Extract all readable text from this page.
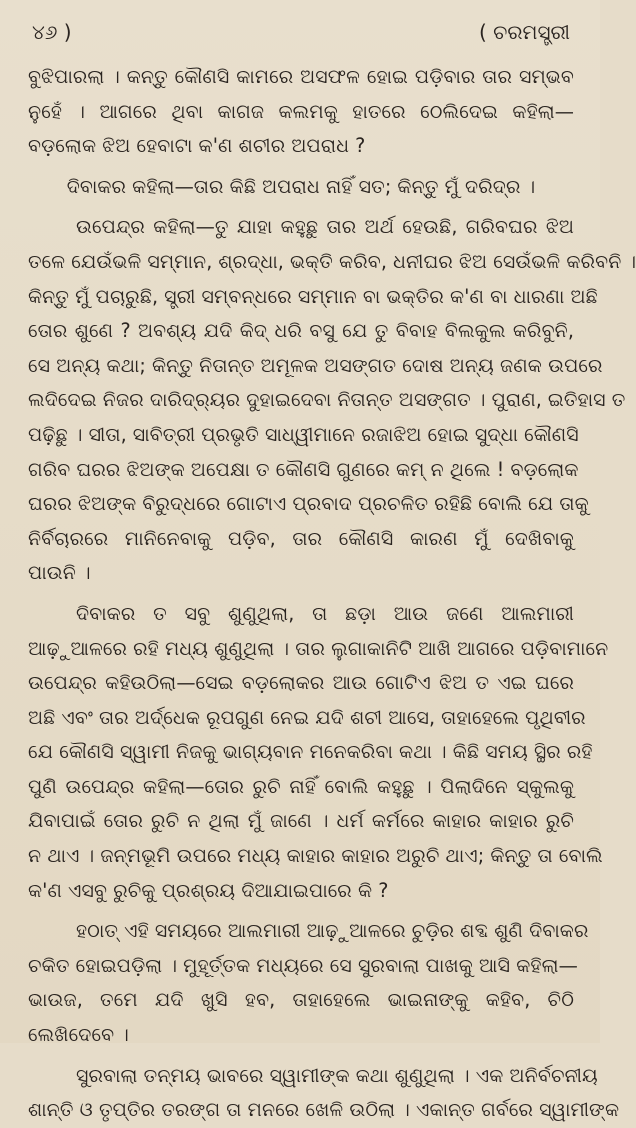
୪୬ )	( ଚରମସ୍ତ୍ରୀ
ବୁଝିପାରଲା । କନ୍ତୁ କୌଣସି କାମରେ ଅସଫଳ ହୋଇ ପଡ଼ିବାର ତାର ସମ୍ଭବ
ନୁହେଁ । ଆଗରେ ଥିବା କାଗଜ କଲମକୁ ହାତରେ ଠେଲିଦେଇ କହିଲା—
ବଡ଼ଲୋକ ଝିଅ ହେବାଟା କ'ଣ ଶଚୀର ଅପରାଧ ?
ଦିବାକର କହିଲା—ତାର କିଛି ଅପରାଧ ନାହିଁ ସତ; କିନ୍ତୁ ମୁଁ ଦରିଦ୍ର ।
ଉପେନ୍ଦ୍ର କହିଲା—ତୁ ଯାହା କହୁଛୁ ତାର ଅର୍ଥ ହେଉଛି, ଗରିବଘର ଝିଅ
ତଳେ ଯେଉଁଭଳି ସମ୍ମାନ, ଶ୍ରଦ୍ଧା, ଭକ୍ତି କରିବ, ଧନୀଘର ଝିଅ ସେଉଁଭଳି କରିବନି ।
କିନ୍ତୁ ମୁଁ ପଚାରୁଛି, ସ୍ତ୍ରୀ ସମ୍ବନ୍ଧରେ ସମ୍ମାନ ବା ଭକ୍ତିର କ'ଣ ବା ଧାରଣା ଅଛି
ତୋର ଶୁଣେ ? ଅବଶ୍ୟ ଯଦି କିଦ୍ ଧରି ବସୁ ଯେ ତୁ ବିବାହ ବିଲକୁଲ କରିବୁନି,
ସେ ଅନ୍ୟ କଥା; କିନ୍ତୁ ନିତାନ୍ତ ଅମୂଳକ ଅସଙ୍ଗତ ଦୋଷ ଅନ୍ୟ ଜଣକ ଉପରେ
ଲଦିଦେଇ ନିଜର ଦାରିଦ୍ର୍ୟର ଦୁହାଇଦେବା ନିତାନ୍ତ ଅସଙ୍ଗତ । ପୁରାଣ, ଇତିହାସ ତ
ପଢ଼ିଛୁ । ସୀତା, ସାବିତ୍ରୀ ପ୍ରଭୃତି ସାଧ୍ୱୀମାନେ ରଜାଝିଅ ହୋଇ ସୁଦ୍ଧା କୌଣସି
ଗରିବ ଘରର ଝିଅଙ୍କ ଅପେକ୍ଷା ତ କୌଣସି ଗୁଣରେ କମ୍ ନ ଥିଲେ ! ବଡ଼ଲୋକ
ଘରର ଝିଅଙ୍କ ବିରୁଦ୍ଧରେ ଗୋଟାଏ ପ୍ରବାଦ ପ୍ରଚଳିତ ରହିଛି ବୋଲି ଯେ ତାକୁ
ନିର୍ବିଚାରରେ ମାନିନେବାକୁ ପଡ଼ିବ, ତାର କୌଣସି କାରଣ ମୁଁ ଦେଖିବାକୁ
ପାଉନି ।
ଦିବାକର ତ ସବୁ ଶୁଣୁଥିଲା, ତା ଛଡ଼ା ଆଉ ଜଣେ ଆଲମାରୀ
ଆଢ଼ୁଆଳରେ ରହି ମଧ୍ୟ ଶୁଣୁଥିଲା । ତାର ଲୁଗାକାନିଟି ଆଖି ଆଗରେ ପଡ଼ିବାମାନେ
ଉପେନ୍ଦ୍ର କହିଉଠିଲା—ସେଇ ବଡ଼ଲୋକର ଆଉ ଗୋଟିଏ ଝିଅ ତ ଏଇ ଘରେ
ଅଛି ଏବଂ ତାର ଅର୍ଦ୍ଧେକ ରୂପଗୁଣ ନେଇ ଯଦି ଶଚୀ ଆସେ, ତାହାହେଲେ ପୃଥିବୀର
ଯେ କୌଣସି ସ୍ୱାମୀ ନିଜକୁ ଭାଗ୍ୟବାନ ମନେକରିବା କଥା । କିଛି ସମୟ ସ୍ଥିର ରହି
ପୁଣି ଉପେନ୍ଦ୍ର କହିଲା—ତୋର ରୁଚି ନାହିଁ ବୋଲି କହୁଛୁ । ପିଲାଦିନେ ସ୍କୁଲକୁ
ଯିବାପାଇଁ ତୋର ରୁଚି ନ ଥିଲା ମୁଁ ଜାଣେ । ଧର୍ମ କର୍ମରେ କାହାର କାହାର ରୁଚି
ନ ଥାଏ । ଜନ୍ମଭୂମି ଉପରେ ମଧ୍ୟ କାହାର କାହାର ଅରୁଚି ଥାଏ; କିନ୍ତୁ ତା ବୋଲି
କ'ଣ ଏସବୁ ରୁଚିକୁ ପ୍ରଶ୍ରୟ ଦିଆଯାଇପାରେ କି ?
ହଠାତ୍ ଏହି ସମୟରେ ଆଲମାରୀ ଆଢ଼ୁଆଳରେ ଚୁଡ଼ିର ଶବ୍ଦ ଶୁଣି ଦିବାକର
ଚକିତ ହୋଇପଡ଼ିଲା । ମୁହୂର୍ତ୍ତକ ମଧ୍ୟରେ ସେ ସୁରବାଲା ପାଖକୁ ଆସି କହିଲା—
ଭାଉଜ, ତମେ ଯଦି ଖୁସି ହବ, ତାହାହେଲେ ଭାଇନାଙ୍କୁ କହିବ, ଚିଠି
ଲେଖିଦେବେ ।
ସୁରବାଲା ତନ୍ମୟ ଭାବରେ ସ୍ୱାମୀଙ୍କ କଥା ଶୁଣୁଥିଲା । ଏକ ଅନିର୍ବଚନୀୟ
ଶାନ୍ତି ଓ ତୃପ୍ତିର ତରଙ୍ଗ ତା ମନରେ ଖେଳି ଉଠିଲା । ଏକାନ୍ତ ଗର୍ବରେ ସ୍ୱାମୀଙ୍କ
